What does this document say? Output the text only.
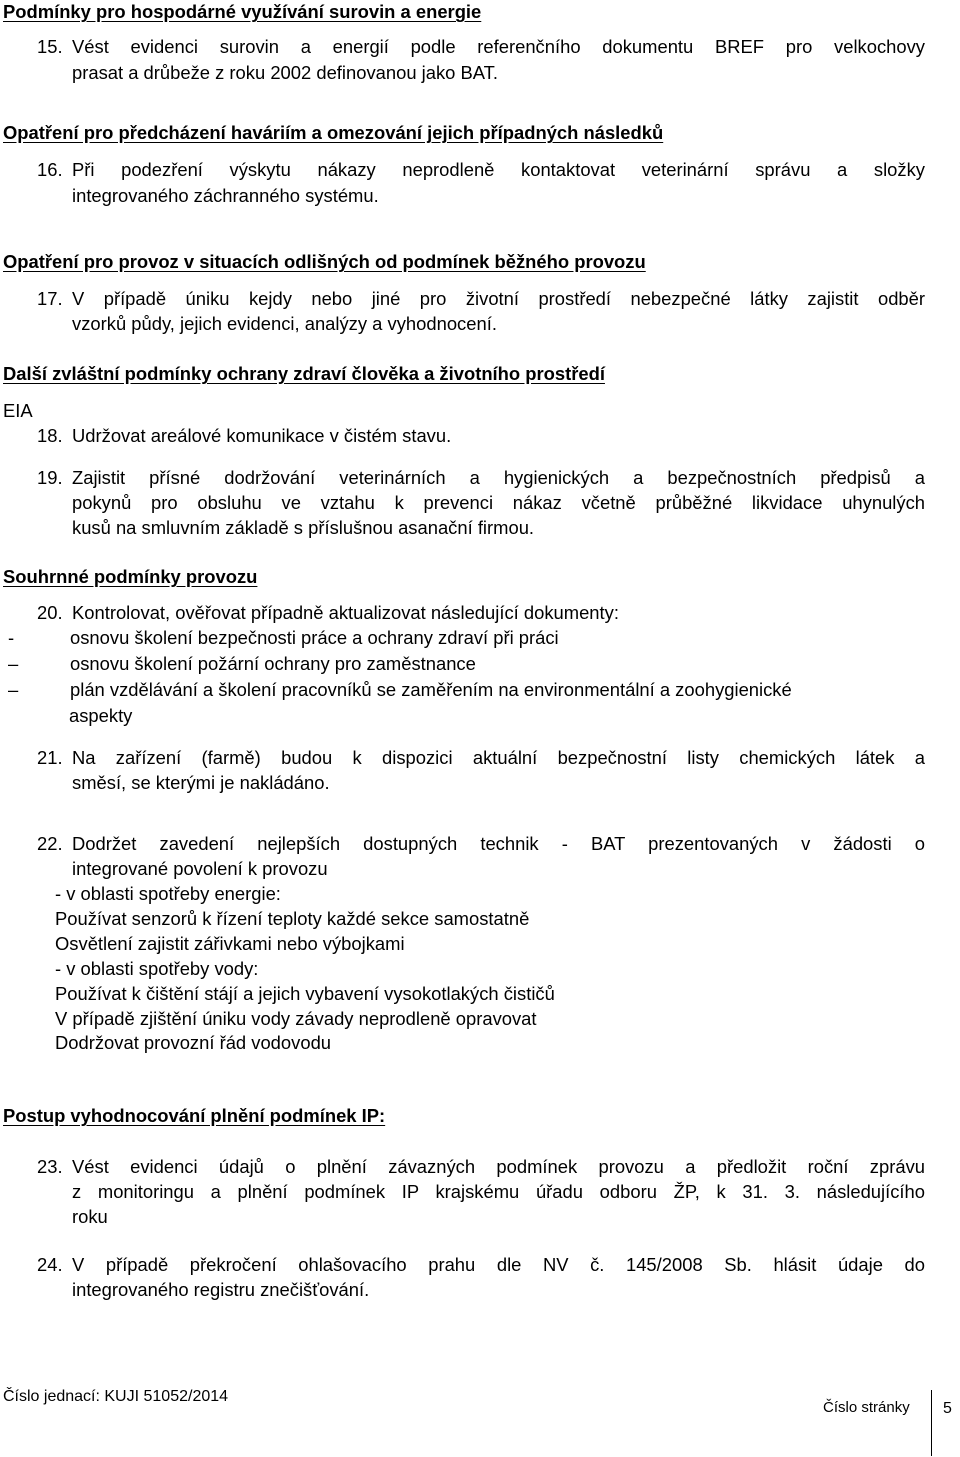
Podmínky pro hospodárné využívání surovin a energie
15. Vést evidenci surovin a energií podle referenčního dokumentu BREF pro velkochovy
prasat a drůbeže z roku 2002 definovanou jako BAT.
Opatření pro předcházení haváriím a omezování jejich případných následků
16. Při podezření výskytu nákazy neprodleně kontaktovat veterinární správu a složky
integrovaného záchranného systému.
Opatření pro provoz v situacích odlišných od podmínek běžného provozu
17. V případě úniku kejdy nebo jiné pro životní prostředí nebezpečné látky zajistit odběr
vzorků půdy, jejich evidenci, analýzy a vyhodnocení.
Další zvláštní podmínky ochrany zdraví člověka a životního prostředí
EIA
18. Udržovat areálové komunikace v čistém stavu.
19. Zajistit přísné dodržování veterinárních a hygienických a bezpečnostních předpisů a
pokynů pro obsluhu ve vztahu k prevenci nákaz včetně průběžné likvidace uhynulých
kusů na smluvním základě s příslušnou asanační firmou.
Souhrnné podmínky provozu
20. Kontrolovat, ověřovat případně aktualizovat následující dokumenty:
-	osnovu školení bezpečnosti práce a ochrany zdraví při práci
–	osnovu školení požární ochrany pro zaměstnance
–	plán vzdělávání a školení pracovníků se zaměřením na environmentální a zoohygienické
aspekty
21. Na zařízení (farmě) budou k dispozici aktuální bezpečnostní listy chemických látek a
směsí, se kterými je nakládáno.
22. Dodržet zavedení nejlepších dostupných technik - BAT prezentovaných v žádosti o
integrované povolení k provozu
- v oblasti spotřeby energie:
Používat senzorů k řízení teploty každé sekce samostatně
Osvětlení zajistit zářivkami nebo výbojkami
- v oblasti spotřeby vody:
Používat k čištění stájí a jejich vybavení vysokotlakých čističů
V případě zjištění úniku vody závady neprodleně opravovat
Dodržovat provozní řád vodovodu
Postup vyhodnocování plnění podmínek IP:
23. Vést evidenci údajů o plnění závazných podmínek provozu a předložit roční zprávu
z monitoringu a plnění podmínek IP krajskému úřadu odboru ŽP, k 31. 3. následujícího
roku
24. V případě překročení ohlašovacího prahu dle NV č. 145/2008 Sb. hlásit údaje do
integrovaného registru znečišťování.
Číslo jednací: KUJI 51052/2014
Číslo stránky 5
